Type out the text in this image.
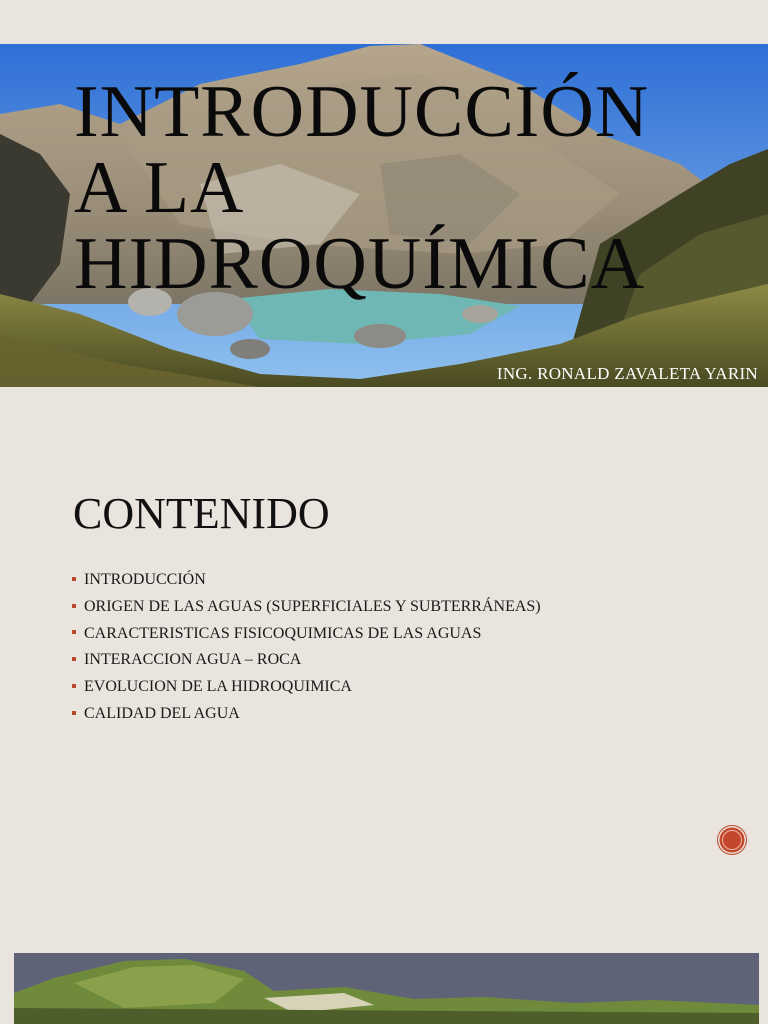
INTRODUCCIÓN
A LA
HIDROQUÍMICA
ING. RONALD ZAVALETA YARIN
CONTENIDO
INTRODUCCIÓN
ORIGEN DE LAS AGUAS (SUPERFICIALES Y SUBTERRÁNEAS)
CARACTERISTICAS FISICOQUIMICAS DE LAS AGUAS
INTERACCION AGUA – ROCA
EVOLUCION DE LA HIDROQUIMICA
CALIDAD DEL AGUA
